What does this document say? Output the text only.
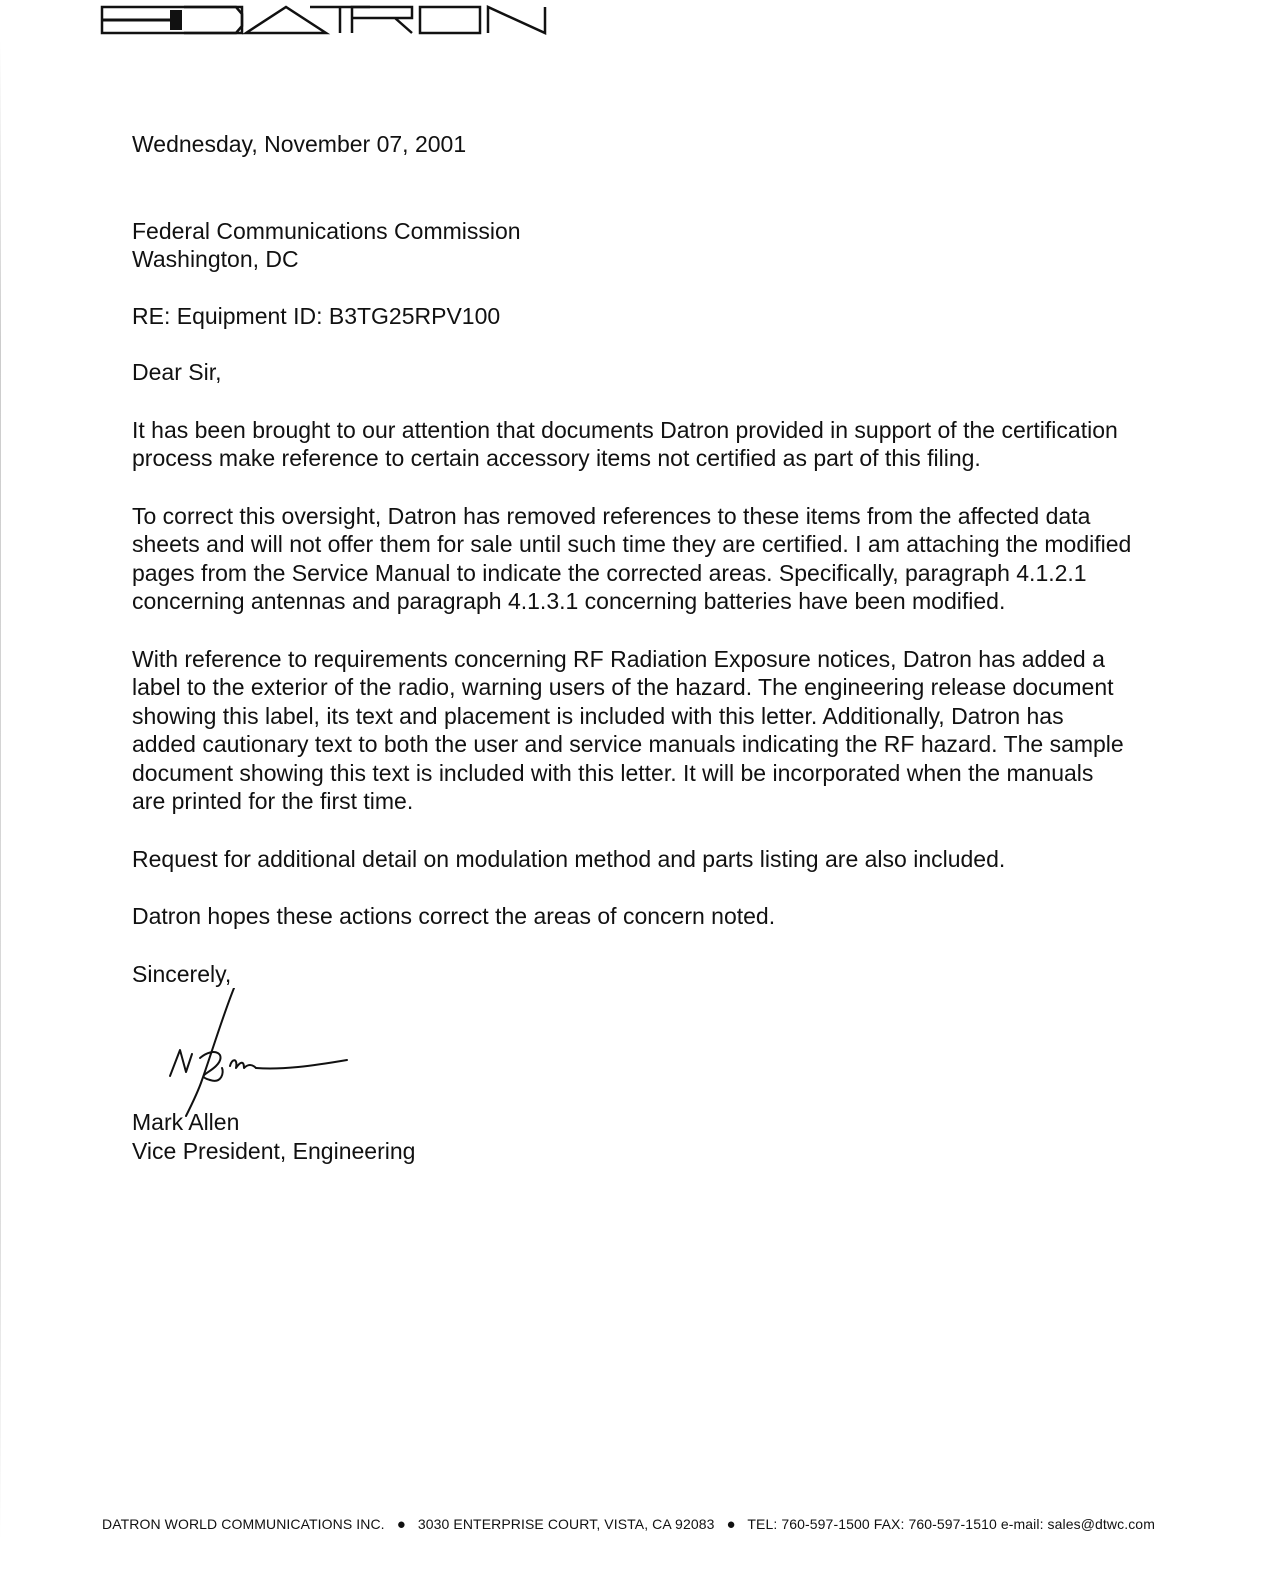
Wednesday, November 07, 2001

Federal Communications Commission
Washington, DC

RE: Equipment ID: B3TG25RPV100

Dear Sir,

It has been brought to our attention that documents Datron provided in support of the certification process make reference to certain accessory items not certified as part of this filing.

To correct this oversight, Datron has removed references to these items from the affected data sheets and will not offer them for sale until such time they are certified. I am attaching the modified pages from the Service Manual to indicate the corrected areas. Specifically, paragraph 4.1.2.1 concerning antennas and paragraph 4.1.3.1 concerning batteries have been modified.

With reference to requirements concerning RF Radiation Exposure notices, Datron has added a label to the exterior of the radio, warning users of the hazard. The engineering release document showing this label, its text and placement is included with this letter. Additionally, Datron has added cautionary text to both the user and service manuals indicating the RF hazard. The sample document showing this text is included with this letter. It will be incorporated when the manuals are printed for the first time.

Request for additional detail on modulation method and parts listing are also included.

Datron hopes these actions correct the areas of concern noted.

Sincerely,

Mark Allen
Vice President, Engineering
DATRON WORLD COMMUNICATIONS INC. ● 3030 ENTERPRISE COURT, VISTA, CA 92083 ● TEL: 760-597-1500 FAX: 760-597-1510 e-mail: sales@dtwc.com
